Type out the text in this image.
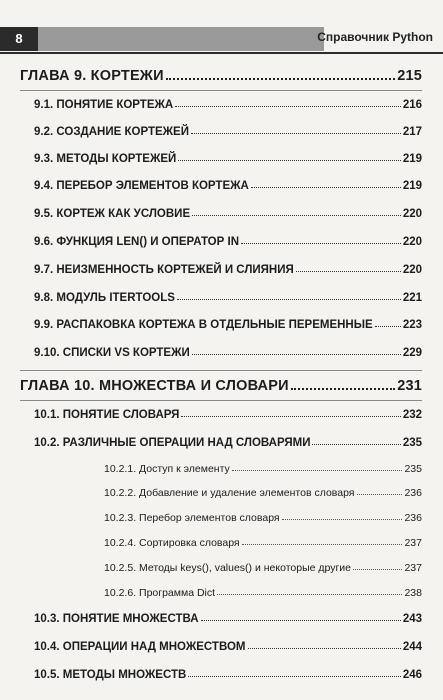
8	Справочник Python
ГЛАВА 9. КОРТЕЖИ	215
9.1. ПОНЯТИЕ КОРТЕЖА	216
9.2. СОЗДАНИЕ КОРТЕЖЕЙ	217
9.3. МЕТОДЫ КОРТЕЖЕЙ	219
9.4. ПЕРЕБОР ЭЛЕМЕНТОВ КОРТЕЖА	219
9.5. КОРТЕЖ КАК УСЛОВИЕ	220
9.6. ФУНКЦИЯ LEN() И ОПЕРАТОР IN	220
9.7. НЕИЗМЕННОСТЬ КОРТЕЖЕЙ И СЛИЯНИЯ	220
9.8. МОДУЛЬ ITERTOOLS	221
9.9. РАСПАКОВКА КОРТЕЖА В ОТДЕЛЬНЫЕ ПЕРЕМЕННЫЕ	223
9.10. СПИСКИ VS КОРТЕЖИ	229
ГЛАВА 10. МНОЖЕСТВА И СЛОВАРИ	231
10.1. ПОНЯТИЕ СЛОВАРЯ	232
10.2. РАЗЛИЧНЫЕ ОПЕРАЦИИ НАД СЛОВАРЯМИ	235
10.2.1. Доступ к элементу	235
10.2.2. Добавление и удаление элементов словаря	236
10.2.3. Перебор элементов словаря	236
10.2.4. Сортировка словаря	237
10.2.5. Методы keys(), values() и некоторые другие	237
10.2.6. Программа Dict	238
10.3. ПОНЯТИЕ МНОЖЕСТВА	243
10.4. ОПЕРАЦИИ НАД МНОЖЕСТВОМ	244
10.5. МЕТОДЫ МНОЖЕСТВ	246
